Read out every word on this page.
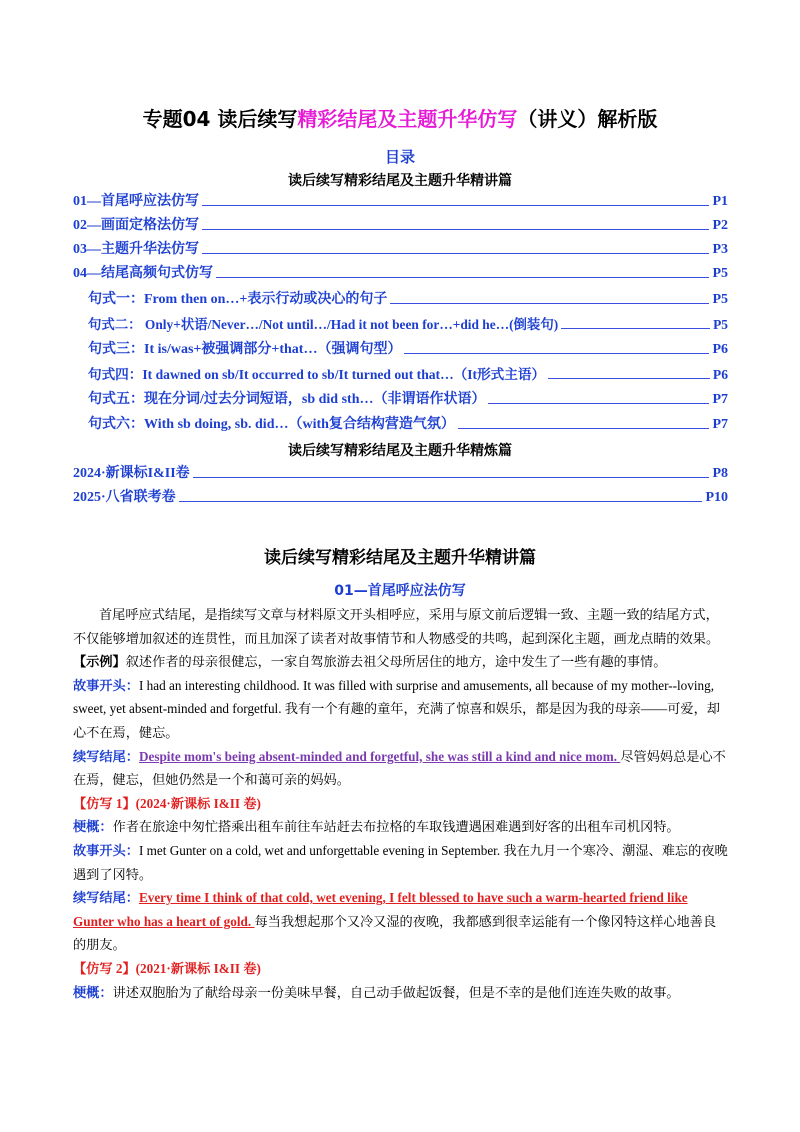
专题04 读后续写精彩结尾及主题升华仿写（讲义）解析版
目录
读后续写精彩结尾及主题升华精讲篇
01—首尾呼应法仿写	P1
02—画面定格法仿写	P2
03—主题升华法仿写	P3
04—结尾高频句式仿写	P5
句式一：From then on…+表示行动或决心的句子	P5
句式二： Only+状语/Never…/Not until…/Had it not been for…+did he…(倒装句)	P5
句式三：It is/was+被强调部分+that…（强调句型）	P6
句式四：It dawned on sb/It occurred to sb/It turned out that…（It形式主语）	P6
句式五：现在分词/过去分词短语，sb did sth…（非谓语作状语）	P7
句式六：With sb doing, sb. did…（with复合结构营造气氛）	P7
读后续写精彩结尾及主题升华精炼篇
2024·新课标I&II卷	P8
2025·八省联考卷	P10
读后续写精彩结尾及主题升华精讲篇
01—首尾呼应法仿写

首尾呼应式结尾，是指续写文章与材料原文开头相呼应，采用与原文前后逻辑一致、主题一致的结尾方式，不仅能够增加叙述的连贯性，而且加深了读者对故事情节和人物感受的共鸣，起到深化主题，画龙点睛的效果。

【示例】叙述作者的母亲很健忘，一家自驾旅游去祖父母所居住的地方，途中发生了一些有趣的事情。

故事开头：I had an interesting childhood. It was filled with surprise and amusements, all because of my mother--loving, sweet, yet absent-minded and forgetful. 我有一个有趣的童年，充满了惊喜和娱乐，都是因为我的母亲——可爱，却心不在焉，健忘。

续写结尾：Despite mom's being absent-minded and forgetful, she was still a kind and nice mom. 尽管妈妈总是心不在焉，健忘，但她仍然是一个和蔼可亲的妈妈。

【仿写 1】(2024·新课标 I&II 卷)

梗概：作者在旅途中匆忙搭乘出租车前往车站赶去布拉格的车取钱遭遇困难遇到好客的出租车司机冈特。

故事开头：I met Gunter on a cold, wet and unforgettable evening in September. 我在九月一个寒冷、潮湿、难忘的夜晚遇到了冈特。

续写结尾：Every time I think of that cold, wet evening, I felt blessed to have such a warm-hearted friend like Gunter who has a heart of gold. 每当我想起那个又冷又湿的夜晚，我都感到很幸运能有一个像冈特这样心地善良的朋友。

【仿写 2】(2021·新课标 I&II 卷)

梗概：讲述双胞胎为了献给母亲一份美味早餐，自己动手做起饭餐，但是不幸的是他们连连失败的故事。
